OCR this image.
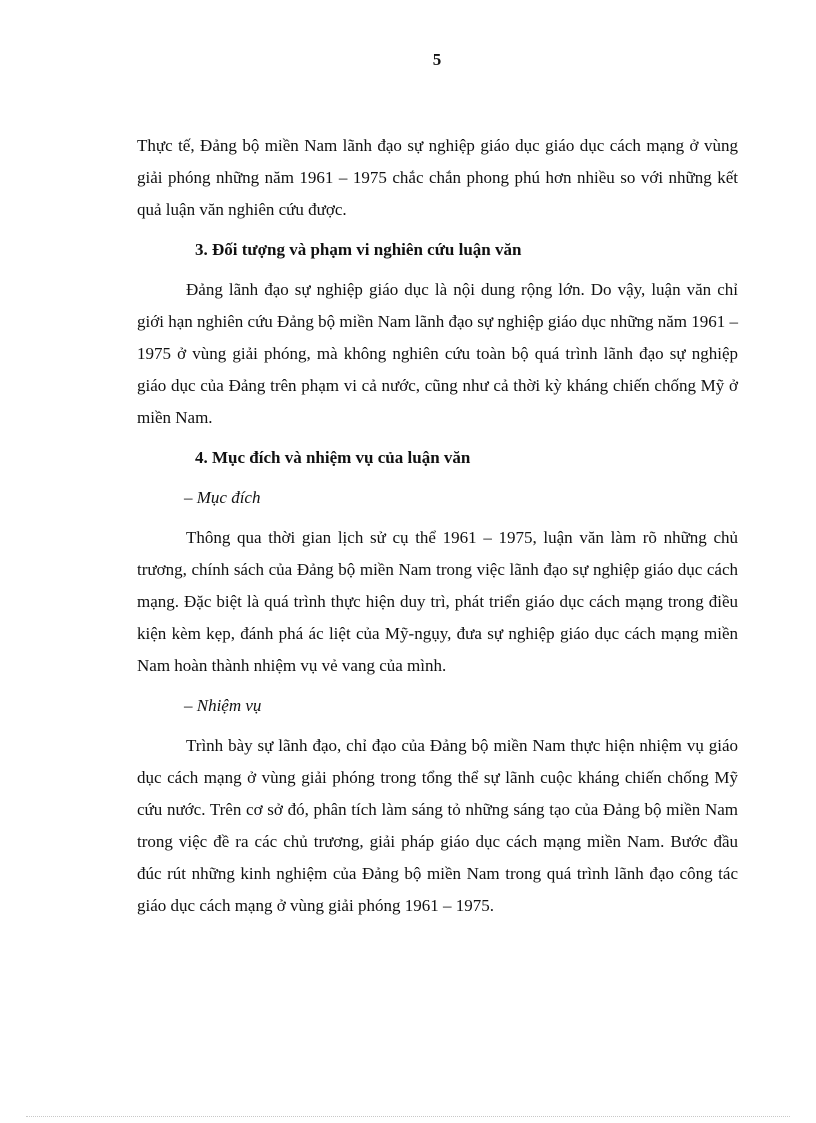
5

Thực tế, Đảng bộ miền Nam lãnh đạo sự nghiệp giáo dục giáo dục cách mạng ở vùng giải phóng những năm 1961 – 1975 chắc chắn phong phú hơn nhiều so với những kết quả luận văn nghiên cứu được.

3. Đối tượng và phạm vi nghiên cứu luận văn

Đảng lãnh đạo sự nghiệp giáo dục là nội dung rộng lớn. Do vậy, luận văn chỉ giới hạn nghiên cứu Đảng bộ miền Nam lãnh đạo sự nghiệp giáo dục những năm 1961 – 1975 ở vùng giải phóng, mà không nghiên cứu toàn bộ quá trình lãnh đạo sự nghiệp giáo dục của Đảng trên phạm vi cả nước, cũng như cả thời kỳ kháng chiến chống Mỹ ở miền Nam.

4. Mục đích và nhiệm vụ của luận văn

– Mục đích

Thông qua thời gian lịch sử cụ thể 1961 – 1975, luận văn làm rõ những chủ trương, chính sách của Đảng bộ miền Nam trong việc lãnh đạo sự nghiệp giáo dục cách mạng. Đặc biệt là quá trình thực hiện duy trì, phát triển giáo dục cách mạng trong điều kiện kèm kẹp, đánh phá ác liệt của Mỹ-ngụy, đưa sự nghiệp giáo dục cách mạng miền Nam hoàn thành nhiệm vụ vẻ vang của mình.

– Nhiệm vụ

Trình bày sự lãnh đạo, chỉ đạo của Đảng bộ miền Nam thực hiện nhiệm vụ giáo dục cách mạng ở vùng giải phóng trong tổng thể sự lãnh cuộc kháng chiến chống Mỹ cứu nước. Trên cơ sở đó, phân tích làm sáng tỏ những sáng tạo của Đảng bộ miền Nam trong việc đề ra các chủ trương, giải pháp giáo dục cách mạng miền Nam. Bước đầu đúc rút những kinh nghiệm của Đảng bộ miền Nam trong quá trình lãnh đạo công tác giáo dục cách mạng ở vùng giải phóng 1961 – 1975.
